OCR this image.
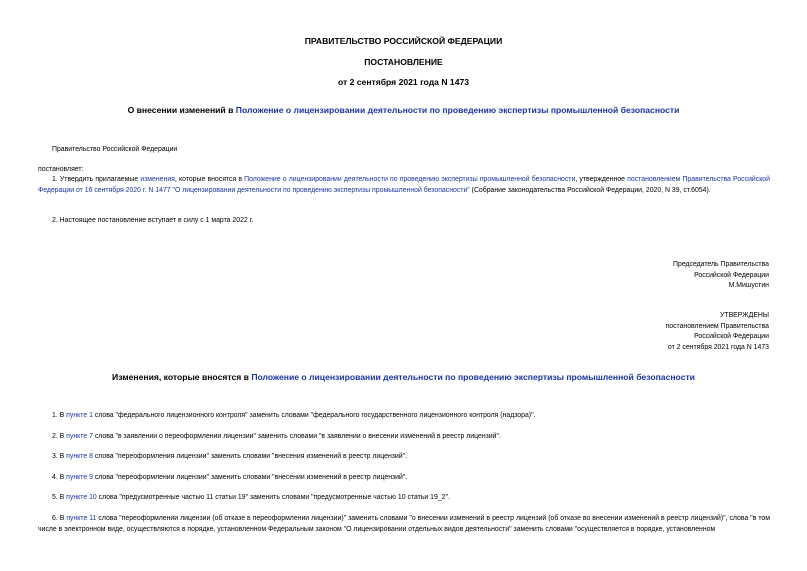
ПРАВИТЕЛЬСТВО РОССИЙСКОЙ ФЕДЕРАЦИИ
ПОСТАНОВЛЕНИЕ
от 2 сентября 2021 года N 1473
О внесении изменений в Положение о лицензировании деятельности по проведению экспертизы промышленной безопасности
Правительство Российской Федерации
постановляет:
1. Утвердить прилагаемые изменения, которые вносятся в Положение о лицензировании деятельности по проведению экспертизы промышленной безопасности, утвержденное постановлением Правительства Российской Федерации от 16 сентября 2020 г. N 1477 "О лицензировании деятельности по проведению экспертизы промышленной безопасности" (Собрание законодательства Российской Федерации, 2020, N 39, ст.6054).
2. Настоящее постановление вступает в силу с 1 марта 2022 г.
Председатель Правительства
Российской Федерации
М.Мишустин
УТВЕРЖДЕНЫ
постановлением Правительства
Российской Федерации
от 2 сентября 2021 года N 1473
Изменения, которые вносятся в Положение о лицензировании деятельности по проведению экспертизы промышленной безопасности
1. В пункте 1 слова "федерального лицензионного контроля" заменить словами "федерального государственного лицензионного контроля (надзора)".
2. В пункте 7 слова "в заявлении о переоформлении лицензии" заменить словами "в заявлении о внесении изменений в реестр лицензий".
3. В пункте 8 слова "переоформления лицензии" заменить словами "внесения изменений в реестр лицензий".
4. В пункте 9 слова "переоформлении лицензии" заменить словами "внесении изменений в реестр лицензий".
5. В пункте 10 слова "предусмотренные частью 11 статьи 19" заменить словами "предусмотренные частью 10 статьи 19_2".
6. В пункте 11 слова "переоформлении лицензии (об отказе в переоформлении лицензии)" заменить словами "о внесении изменений в реестр лицензий (об отказе во внесении изменений в реестр лицензий)", слова "в том числе в электронном виде, осуществляются в порядке, установленном Федеральным законом "О лицензировании отдельных видов деятельности" заменить словами "осуществляется в порядке, установленном
